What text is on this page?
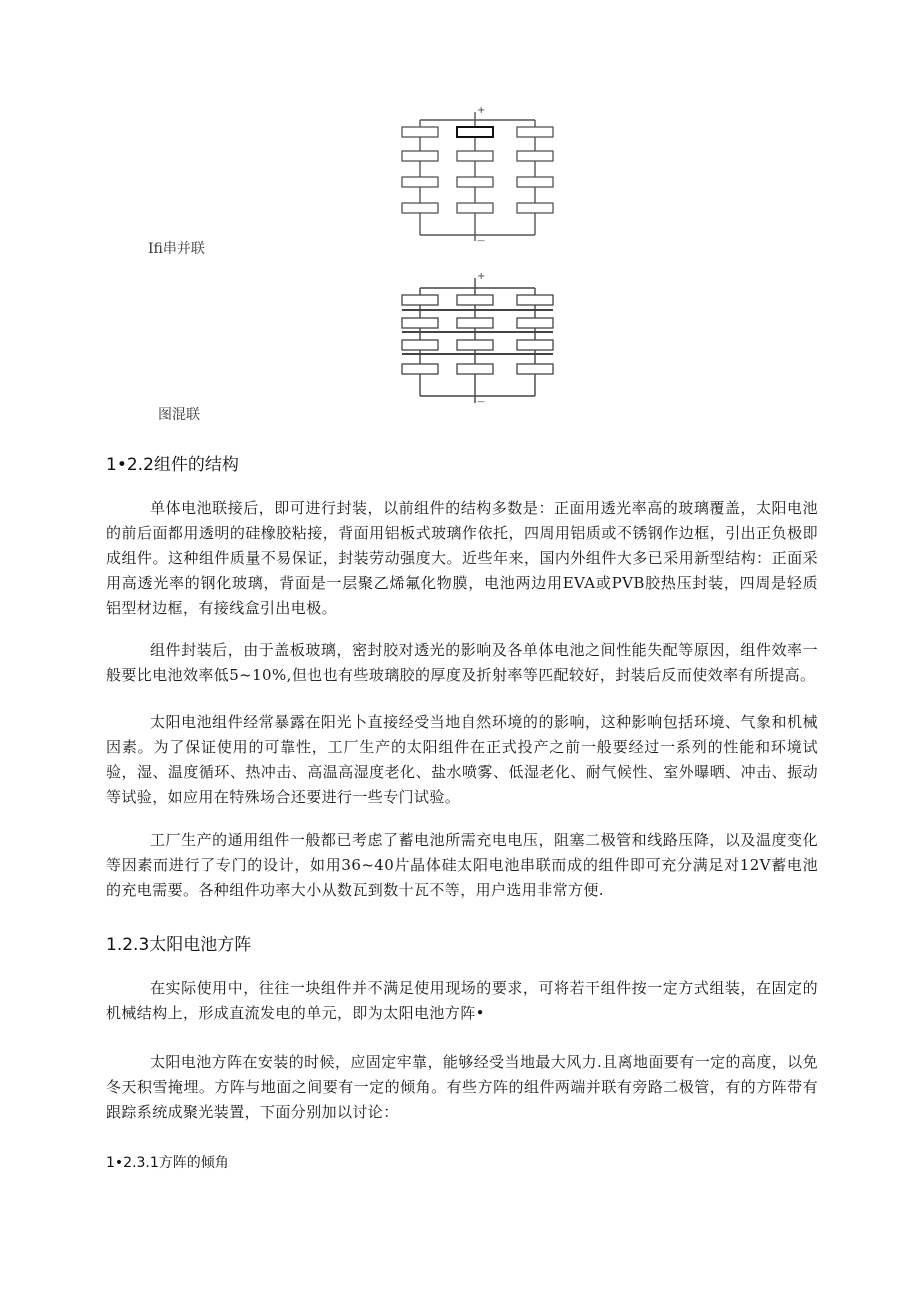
+
—
Ifi串并联
+
—
图混联
1•2.2组件的结构

单体电池联接后，即可进行封装，以前组件的结构多数是：正面用透光率高的玻璃覆盖，太阳电池的前后面都用透明的硅橡胶粘接，背面用铝板式玻璃作依托，四周用铝质或不锈钢作边框，引出正负极即成组件。这种组件质量不易保证，封装劳动强度大。近些年来，国内外组件大多已采用新型结构：正面采用高透光率的钢化玻璃，背面是一层聚乙烯氟化物膜，电池两边用EVA或PVB胶热压封装，四周是轻质铝型材边框，有接线盒引出电极。

组件封装后，由于盖板玻璃，密封胶对透光的影响及各单体电池之间性能失配等原因，组件效率一般要比电池效率低5~10%,但也也有些玻璃胶的厚度及折射率等匹配较好，封装后反而使效率有所提高。

太阳电池组件经常暴露在阳光卜直接经受当地自然环境的的影响，这种影响包括环境、气象和机械因素。为了保证使用的可靠性，工厂生产的太阳组件在正式投产之前一般要经过一系列的性能和环境试验，湿、温度循环、热冲击、高温高湿度老化、盐水喷雾、低湿老化、耐气候性、室外曝晒、冲击、振动等试验，如应用在特殊场合还要进行一些专门试验。

工厂生产的通用组件一般都已考虑了蓄电池所需充电电压，阻塞二极管和线路压降，以及温度变化等因素而进行了专门的设计，如用36~40片晶体硅太阳电池串联而成的组件即可充分满足对12V蓄电池的充电需要。各种组件功率大小从数瓦到数十瓦不等，用户选用非常方便.

1.2.3太阳电池方阵

在实际使用中，往往一块组件并不满足使用现场的要求，可将若干组件按一定方式组装，在固定的机械结构上，形成直流发电的单元，即为太阳电池方阵•

太阳电池方阵在安装的时候，应固定牢靠，能够经受当地最大风力.且离地面要有一定的高度，以免冬天积雪掩埋。方阵与地面之间要有一定的倾角。有些方阵的组件两端并联有旁路二极管，有的方阵带有跟踪系统成聚光装置，下面分别加以讨论：

1•2.3.1方阵的倾角
